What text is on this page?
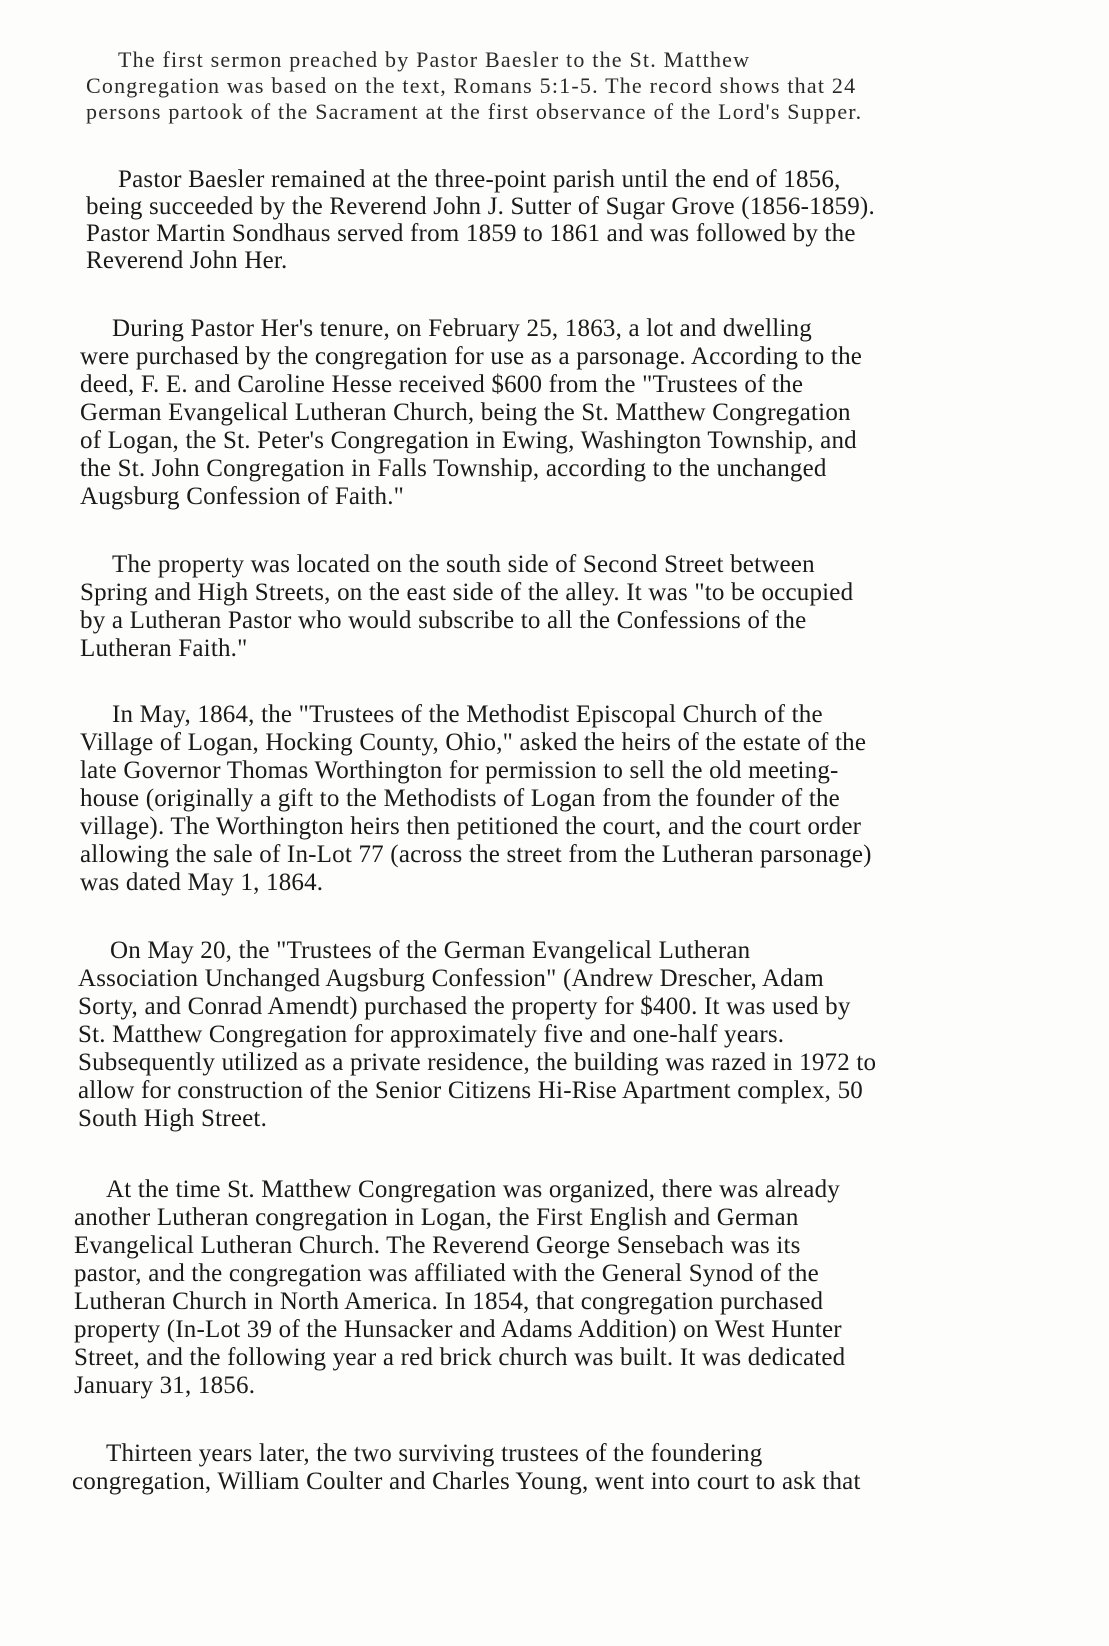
The first sermon preached by Pastor Baesler to the St. Matthew
Congregation was based on the text, Romans 5:1-5. The record shows that 24
persons partook of the Sacrament at the first observance of the Lord's Supper.
Pastor Baesler remained at the three-point parish until the end of 1856,
being succeeded by the Reverend John J. Sutter of Sugar Grove (1856-1859).
Pastor Martin Sondhaus served from 1859 to 1861 and was followed by the
Reverend John Her.
During Pastor Her's tenure, on February 25, 1863, a lot and dwelling
were purchased by the congregation for use as a parsonage. According to the
deed, F. E. and Caroline Hesse received $600 from the "Trustees of the
German Evangelical Lutheran Church, being the St. Matthew Congregation
of Logan, the St. Peter's Congregation in Ewing, Washington Township, and
the St. John Congregation in Falls Township, according to the unchanged
Augsburg Confession of Faith."
The property was located on the south side of Second Street between
Spring and High Streets, on the east side of the alley. It was "to be occupied
by a Lutheran Pastor who would subscribe to all the Confessions of the
Lutheran Faith."
In May, 1864, the "Trustees of the Methodist Episcopal Church of the
Village of Logan, Hocking County, Ohio," asked the heirs of the estate of the
late Governor Thomas Worthington for permission to sell the old meeting-
house (originally a gift to the Methodists of Logan from the founder of the
village). The Worthington heirs then petitioned the court, and the court order
allowing the sale of In-Lot 77 (across the street from the Lutheran parsonage)
was dated May 1, 1864.
On May 20, the "Trustees of the German Evangelical Lutheran
Association Unchanged Augsburg Confession" (Andrew Drescher, Adam
Sorty, and Conrad Amendt) purchased the property for $400. It was used by
St. Matthew Congregation for approximately five and one-half years.
Subsequently utilized as a private residence, the building was razed in 1972 to
allow for construction of the Senior Citizens Hi-Rise Apartment complex, 50
South High Street.
At the time St. Matthew Congregation was organized, there was already
another Lutheran congregation in Logan, the First English and German
Evangelical Lutheran Church. The Reverend George Sensebach was its
pastor, and the congregation was affiliated with the General Synod of the
Lutheran Church in North America. In 1854, that congregation purchased
property (In-Lot 39 of the Hunsacker and Adams Addition) on West Hunter
Street, and the following year a red brick church was built. It was dedicated
January 31, 1856.
Thirteen years later, the two surviving trustees of the foundering
congregation, William Coulter and Charles Young, went into court to ask that
